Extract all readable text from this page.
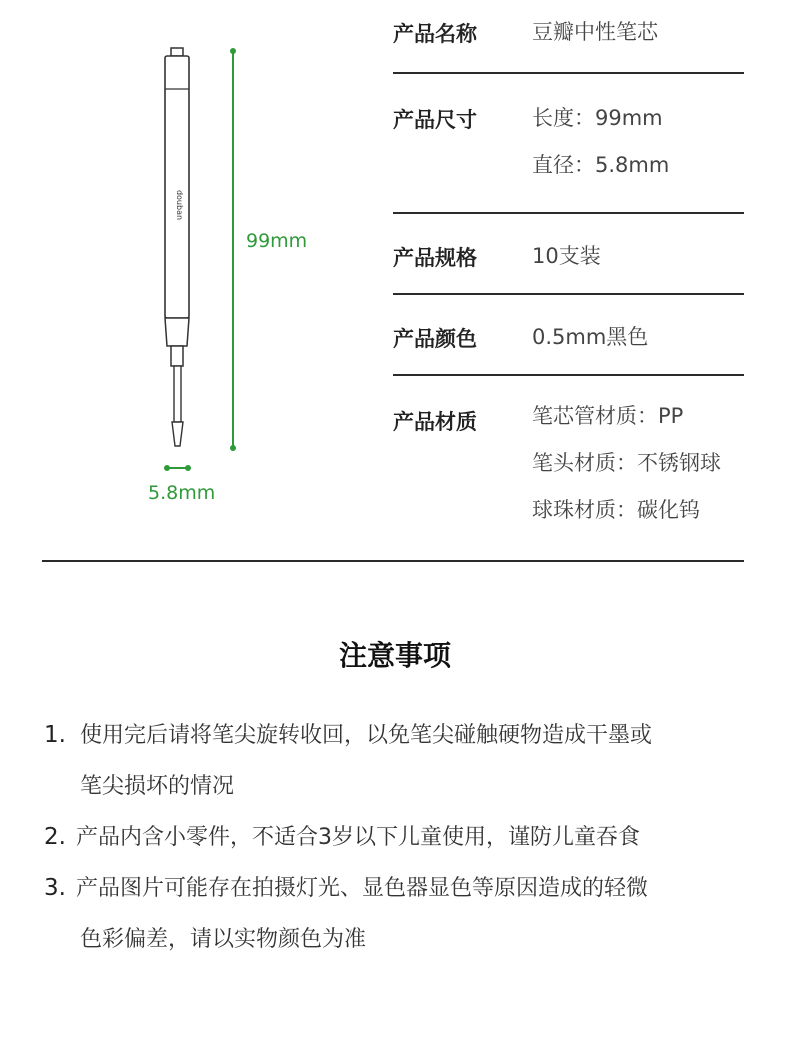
douban
99mm
5.8mm
产品名称	豆瓣中性笔芯
产品尺寸	长度：99mm
直径：5.8mm
产品规格	10支装
产品颜色	0.5mm黑色
产品材质	笔芯管材质：PP
笔头材质：不锈钢球
球珠材质：碳化钨
注意事项
1. 使用完后请将笔尖旋转收回，以免笔尖碰触硬物造成干墨或
笔尖损坏的情况
2. 产品内含小零件，不适合3岁以下儿童使用，谨防儿童吞食
3. 产品图片可能存在拍摄灯光、显色器显色等原因造成的轻微
色彩偏差，请以实物颜色为准
